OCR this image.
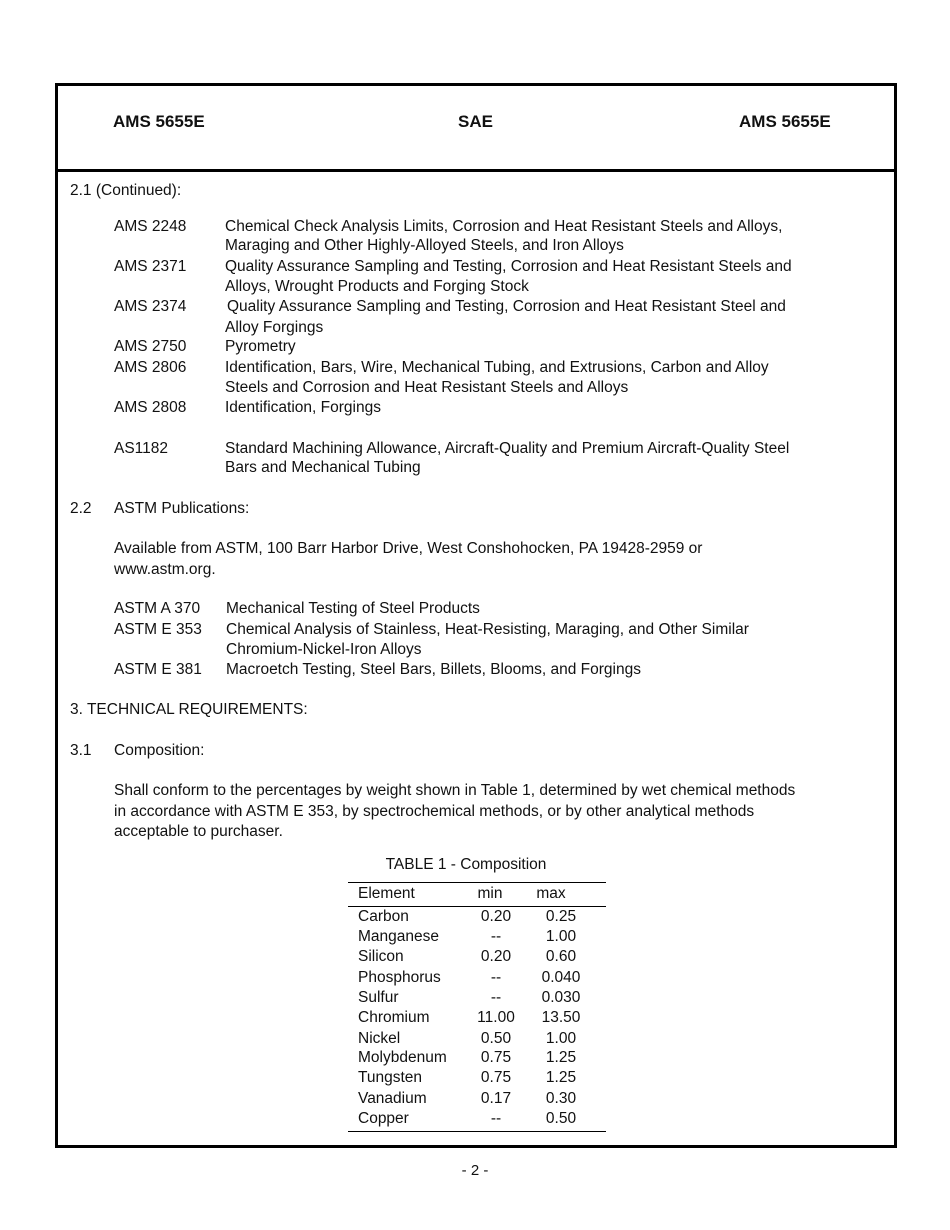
AMS 5655E	SAE	AMS 5655E
2.1 (Continued):
AMS 2248 Chemical Check Analysis Limits, Corrosion and Heat Resistant Steels and Alloys,
Maraging and Other Highly-Alloyed Steels, and Iron Alloys
AMS 2371 Quality Assurance Sampling and Testing, Corrosion and Heat Resistant Steels and
Alloys, Wrought Products and Forging Stock
AMS 2374	Quality Assurance Sampling and Testing, Corrosion and Heat Resistant Steel and
Alloy Forgings
AMS 2750 Pyrometry
AMS 2806 Identification, Bars, Wire, Mechanical Tubing, and Extrusions, Carbon and Alloy
Steels and Corrosion and Heat Resistant Steels and Alloys
AMS 2808 Identification, Forgings
AS1182	Standard Machining Allowance, Aircraft-Quality and Premium Aircraft-Quality Steel
Bars and Mechanical Tubing
2.2 ASTM Publications:
Available from ASTM, 100 Barr Harbor Drive, West Conshohocken, PA 19428-2959 or
www.astm.org.
ASTM A 370 Mechanical Testing of Steel Products
ASTM E 353 Chemical Analysis of Stainless, Heat-Resisting, Maraging, and Other Similar
Chromium-Nickel-Iron Alloys
ASTM E 381 Macroetch Testing, Steel Bars, Billets, Blooms, and Forgings
3. TECHNICAL REQUIREMENTS:
3.1 Composition:
Shall conform to the percentages by weight shown in Table 1, determined by wet chemical methods
in accordance with ASTM E 353, by spectrochemical methods, or by other analytical methods
acceptable to purchaser.
TABLE 1 - Composition
Element	min	max
Carbon	0.20	0.25
Manganese	--	1.00
Silicon	0.20	0.60
Phosphorus	--	0.040
Sulfur	--	0.030
Chromium	11.00	13.50
Nickel	0.50	1.00
Molybdenum	0.75	1.25
Tungsten	0.75	1.25
Vanadium	0.17	0.30
Copper	--	0.50
- 2 -
